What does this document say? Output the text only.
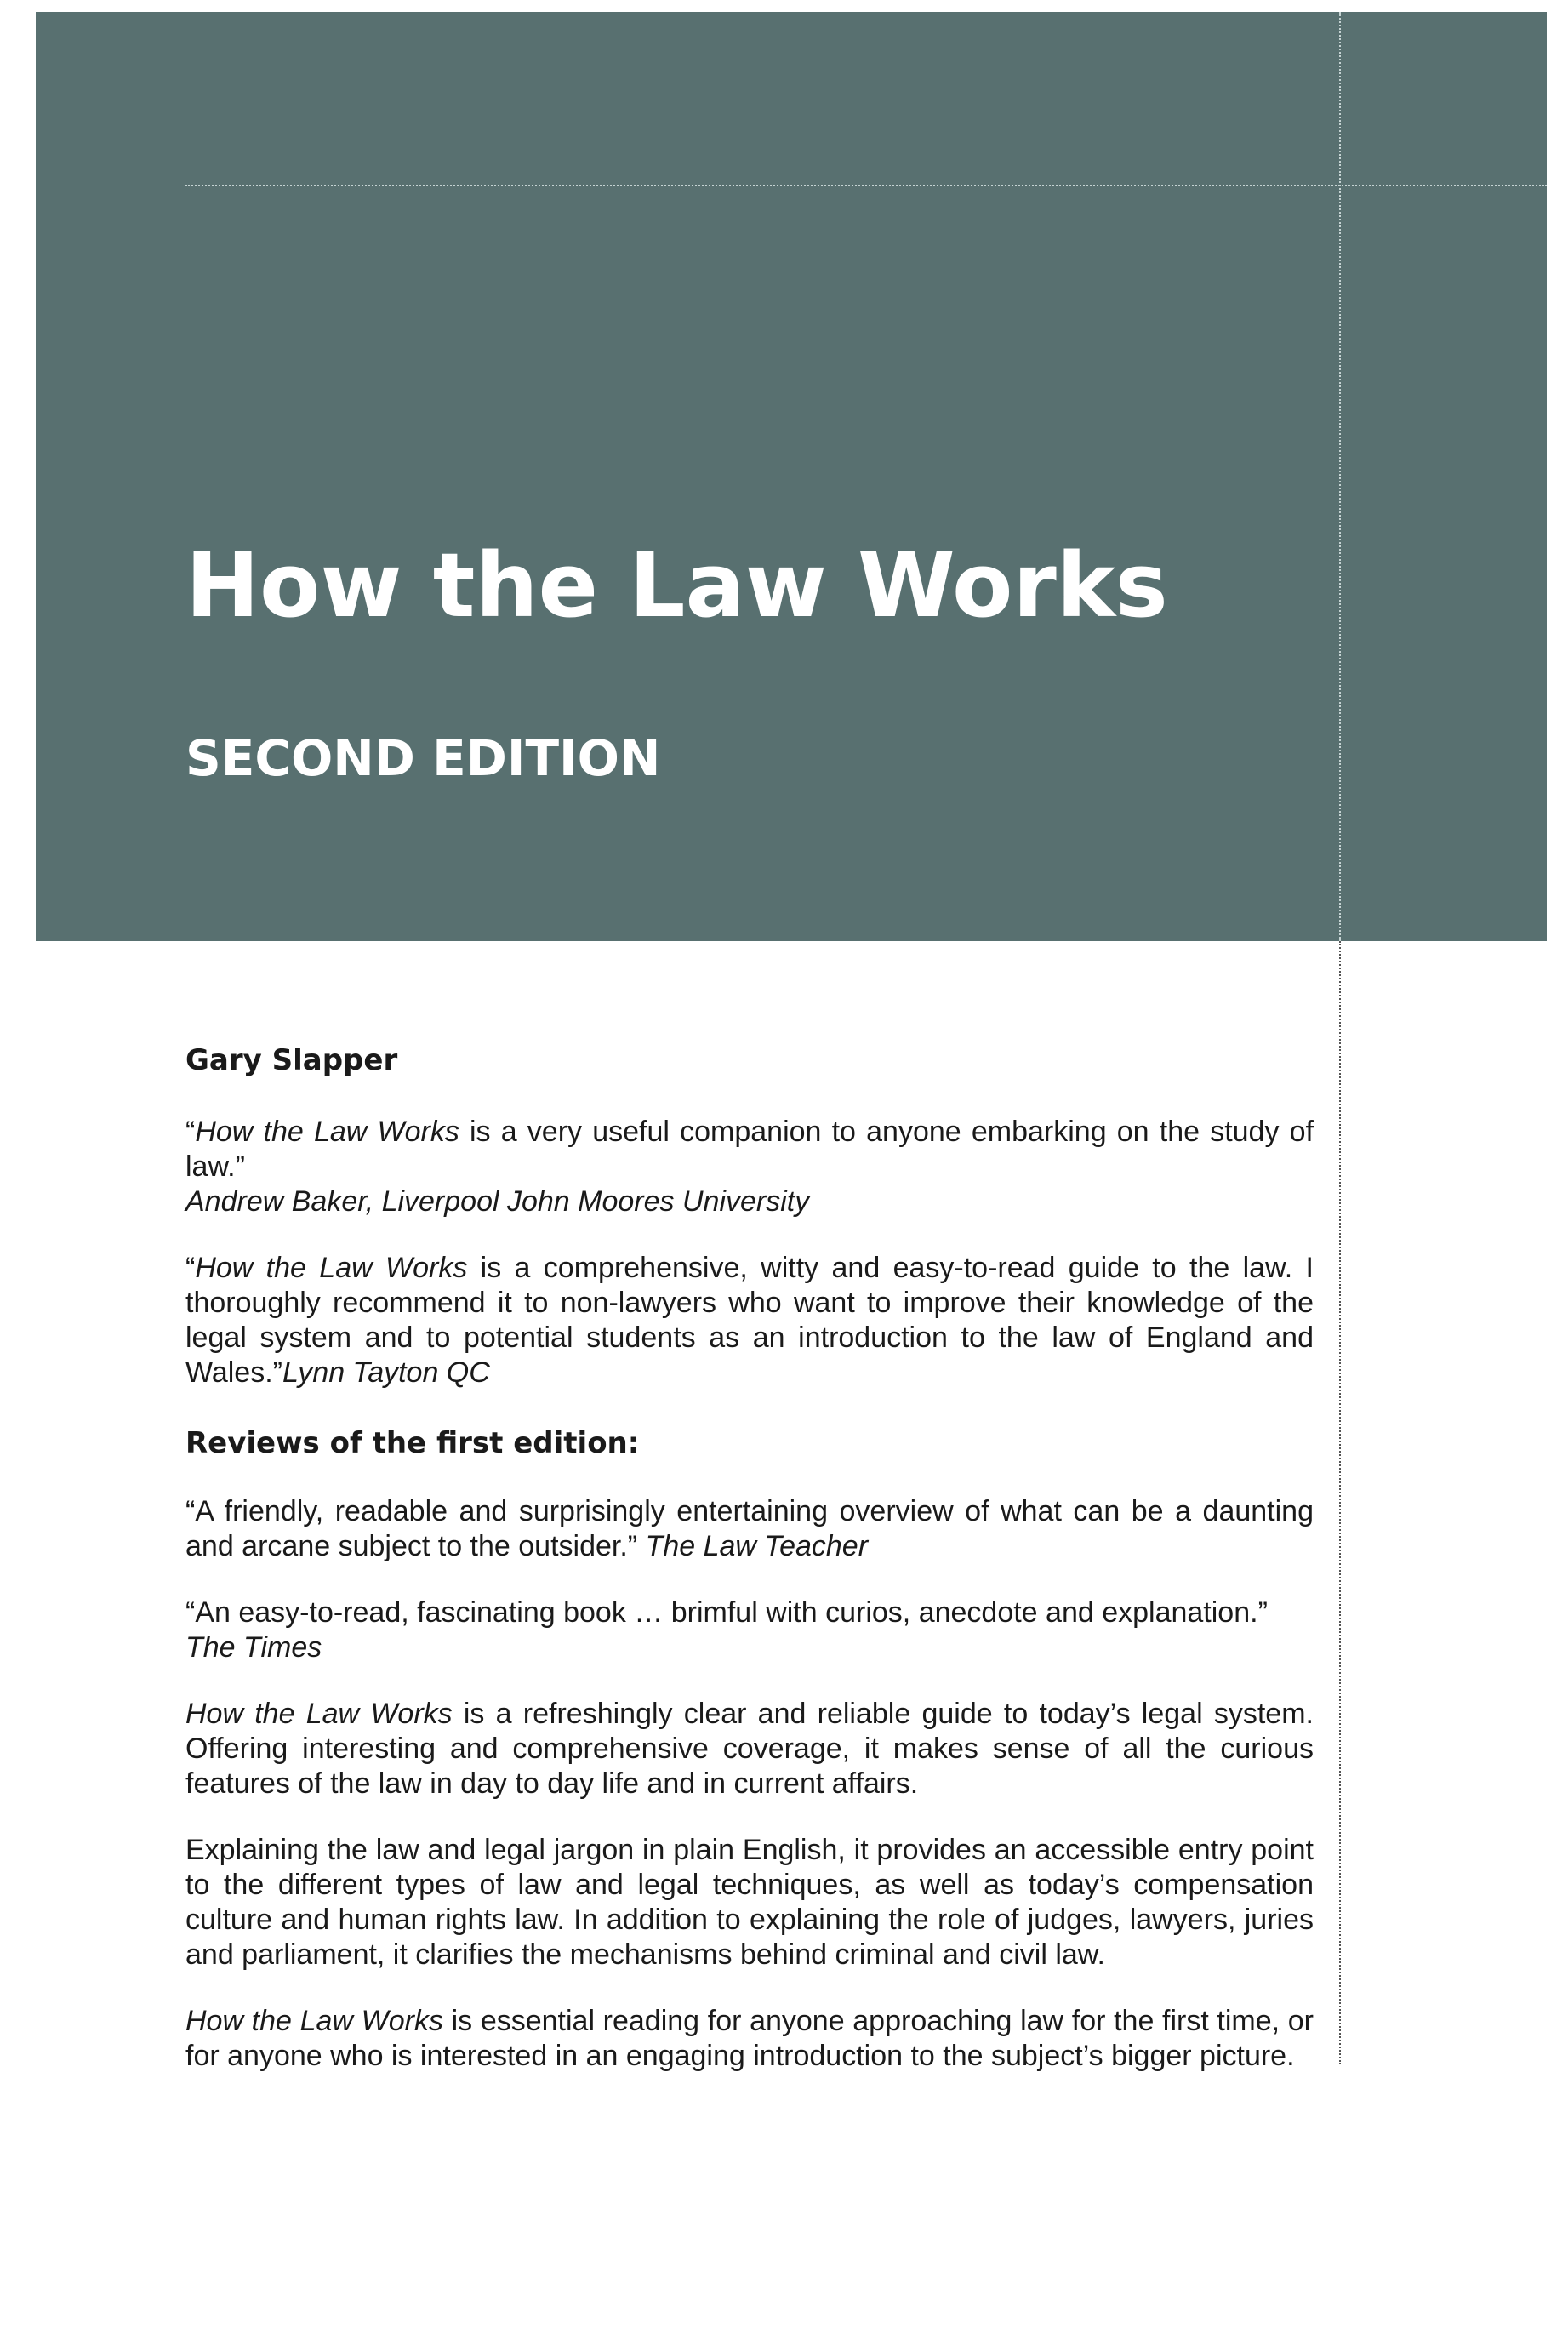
How the Law Works
SECOND EDITION

Gary Slapper

“How the Law Works is a very useful companion to anyone embarking on the study of law.”
Andrew Baker, Liverpool John Moores University

“How the Law Works is a comprehensive, witty and easy-to-read guide to the law. I thoroughly recommend it to non-lawyers who want to improve their knowledge of the legal system and to potential students as an introduction to the law of England and Wales.”Lynn Tayton QC

Reviews of the first edition:

“A friendly, readable and surprisingly entertaining overview of what can be a daunting and arcane subject to the outsider.” The Law Teacher

“An easy-to-read, fascinating book … brimful with curios, anecdote and explanation.”
The Times

How the Law Works is a refreshingly clear and reliable guide to today’s legal system. Offering interesting and comprehensive coverage, it makes sense of all the curious features of the law in day to day life and in current affairs.

Explaining the law and legal jargon in plain English, it provides an accessible entry point to the different types of law and legal techniques, as well as today’s compensation culture and human rights law. In addition to explaining the role of judges, lawyers, juries and parliament, it clarifies the mechanisms behind criminal and civil law.

How the Law Works is essential reading for anyone approaching law for the first time, or for anyone who is interested in an engaging introduction to the subject’s bigger picture.
